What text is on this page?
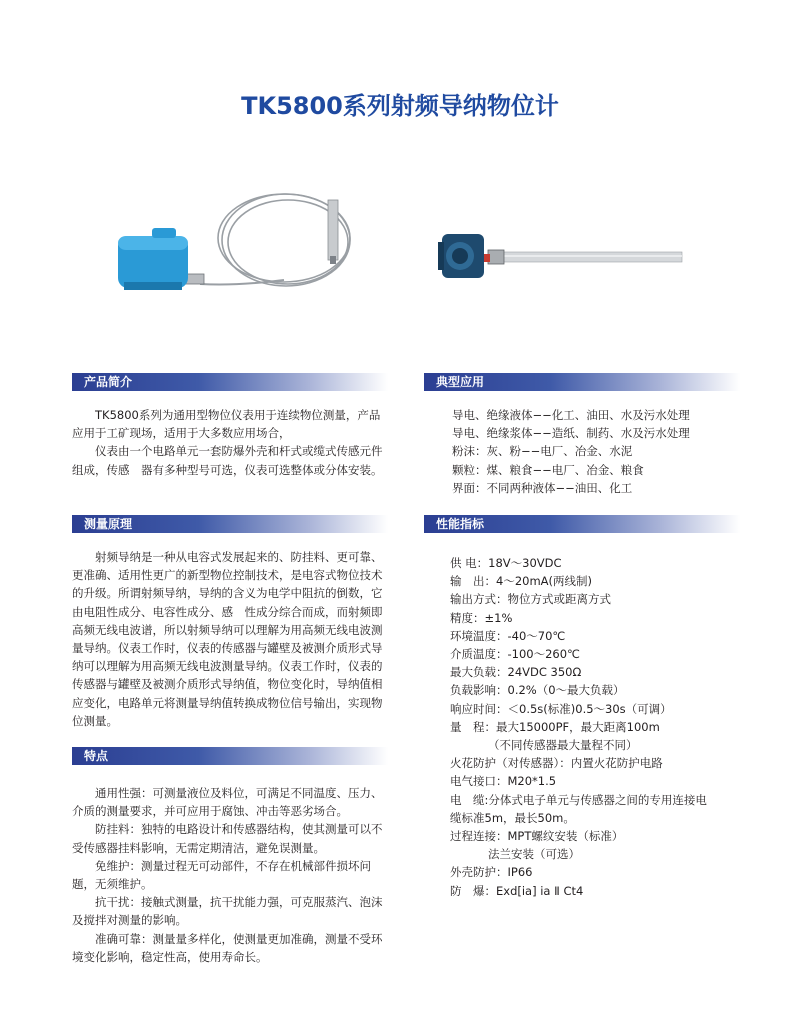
TK5800系列射频导纳物位计
产品简介

TK5800系列为通用型物位仪表用于连续物位测量，产品应用于工矿现场，适用于大多数应用场合，

仪表由一个电路单元一套防爆外壳和杆式或缆式传感元件组成，传感　器有多种型号可选，仪表可选整体或分体安装。

测量原理

射频导纳是一种从电容式发展起来的、防挂料、更可靠、更准确、适用性更广的新型物位控制技术，是电容式物位技术的升级。所谓射频导纳，导纳的含义为电学中阻抗的倒数，它由电阻性成分、电容性成分、感　性成分综合而成，而射频即高频无线电波谱，所以射频导纳可以理解为用高频无线电波测量导纳。仪表工作时，仪表的传感器与罐壁及被测介质形式导纳可以理解为用高频无线电波测量导纳。仪表工作时，仪表的传感器与罐壁及被测介质形式导纳值，物位变化时，导纳值相应变化，电路单元将测量导纳值转换成物位信号输出，实现物位测量。

特点

通用性强：可测量液位及料位，可满足不同温度、压力、介质的测量要求，并可应用于腐蚀、冲击等恶劣场合。

防挂料：独特的电路设计和传感器结构，使其测量可以不受传感器挂料影响，无需定期清洁，避免误测量。

免维护：测量过程无可动部件，不存在机械部件损坏问题，无须维护。

抗干扰：接触式测量，抗干扰能力强，可克服蒸汽、泡沫及搅拌对测量的影响。

准确可靠：测量量多样化，使测量更加准确，测量不受环境变化影响，稳定性高，使用寿命长。

典型应用

导电、绝缘液体−−化工、油田、水及污水处理

导电、绝缘浆体−−造纸、制药、水及污水处理

粉沫：灰、粉−−电厂、冶金、水泥

颗粒：煤、粮食−−电厂、冶金、粮食

界面：不同两种液体−−油田、化工

性能指标

供 电：18V～30VDC

输　出：4～20mA(两线制)

输出方式：物位方式或距离方式

精度：±1%

环境温度：-40～70℃

介质温度：-100～260℃

最大负载：24VDC 350Ω

负载影响：0.2%（0～最大负载）

响应时间：＜0.5s(标准)0.5～30s（可调）

量　程：最大15000PF，最大距离100m

（不同传感器最大量程不同）

火花防护（对传感器）：内置火花防护电路

电气接口：M20*1.5

电　缆:分体式电子单元与传感器之间的专用连接电

缆标准5m，最长50m。

过程连接：MPT螺纹安装（标准）

法兰安装（可选）

外壳防护：IP66

防　爆：Exd[ia] ia Ⅱ Ct4
